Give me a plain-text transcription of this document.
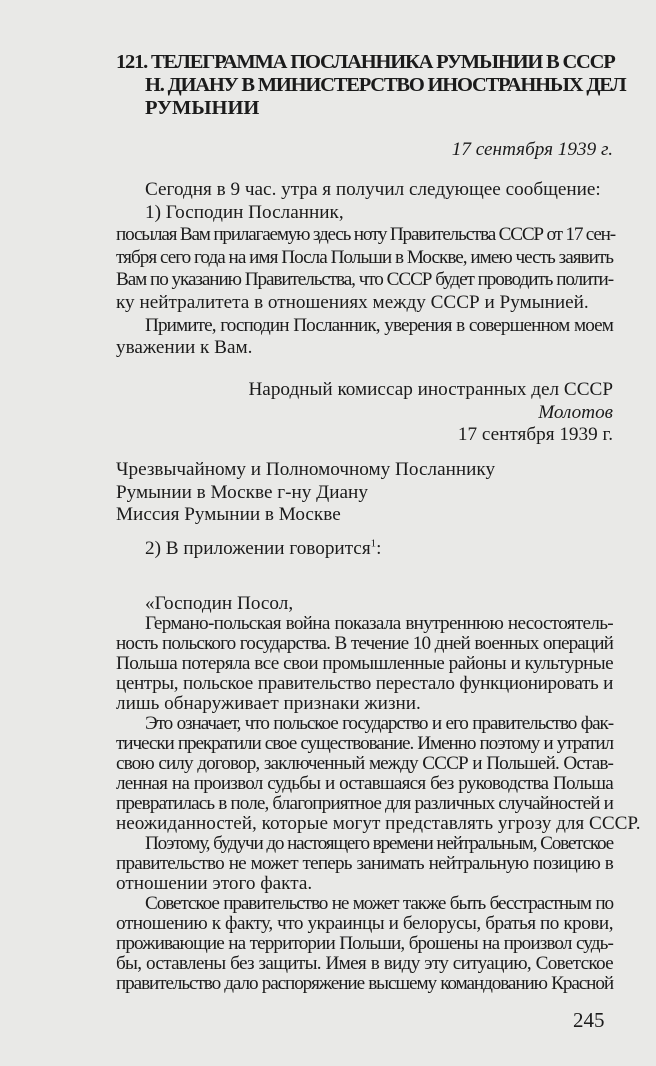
121. ТЕЛЕГРАММА ПОСЛАННИКА РУМЫНИИ В СССР
Н. ДИАНУ В МИНИСТЕРСТВО ИНОСТРАННЫХ ДЕЛ
РУМЫНИИ
17 сентября 1939 г.
Сегодня в 9 час. утра я получил следующее сообщение:
1) Господин Посланник,
посылая Вам прилагаемую здесь ноту Правительства СССР от 17 сен-
тября сего года на имя Посла Польши в Москве, имею честь заявить
Вам по указанию Правительства, что СССР будет проводить полити-
ку нейтралитета в отношениях между СССР и Румынией.
Примите, господин Посланник, уверения в совершенном моем
уважении к Вам.
Народный комиссар иностранных дел СССР
Молотов
17 сентября 1939 г.
Чрезвычайному и Полномочному Посланнику
Румынии в Москве г-ну Диану
Миссия Румынии в Москве
2) В приложении говорится$^1$:
«Господин Посол,
Германо-польская война показала внутреннюю несостоятель-
ность польского государства. В течение 10 дней военных операций
Польша потеряла все свои промышленные районы и культурные
центры, польское правительство перестало функционировать и
лишь обнаруживает признаки жизни.
Это означает, что польское государство и его правительство фак-
тически прекратили свое существование. Именно поэтому и утратил
свою силу договор, заключенный между СССР и Польшей. Остав-
ленная на произвол судьбы и оставшаяся без руководства Польша
превратилась в поле, благоприятное для различных случайностей и
неожиданностей, которые могут представлять угрозу для СССР.
Поэтому, будучи до настоящего времени нейтральным, Советское
правительство не может теперь занимать нейтральную позицию в
отношении этого факта.
Советское правительство не может также быть бесстрастным по
отношению к факту, что украинцы и белорусы, братья по крови,
проживающие на территории Польши, брошены на произвол судь-
бы, оставлены без защиты. Имея в виду эту ситуацию, Советское
правительство дало распоряжение высшему командованию Красной
245
